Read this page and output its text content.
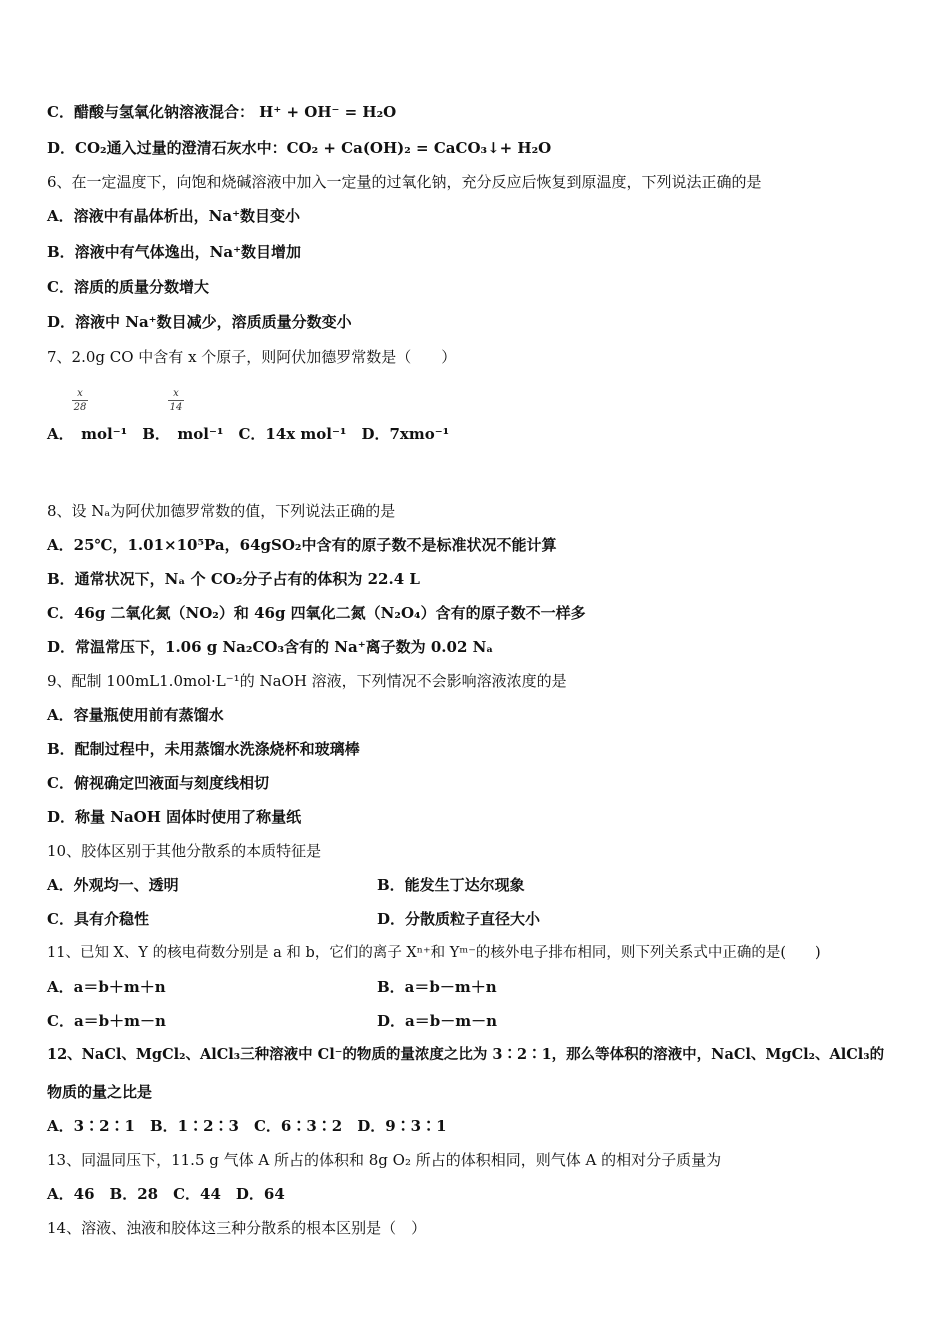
C．醋酸与氢氧化钠溶液混合： H⁺ + OH⁻ = H₂O
D．CO₂通入过量的澄清石灰水中：CO₂ + Ca(OH)₂ = CaCO₃↓+ H₂O
6、在一定温度下，向饱和烧碱溶液中加入一定量的过氧化钠，充分反应后恢复到原温度，下列说法正确的是
A．溶液中有晶体析出，Na⁺数目变小
B．溶液中有气体逸出，Na⁺数目增加
C．溶质的质量分数增大
D．溶液中 Na⁺数目减少，溶质质量分数变小
7、2.0g CO 中含有 x 个原子，则阿伏加德罗常数是（　　）
x
28
x
14
A．　mol⁻¹　B．　mol⁻¹　C．14x mol⁻¹　D．7xmo⁻¹
8、设 Nₐ为阿伏加德罗常数的值，下列说法正确的是
A．25℃，1.01×10⁵Pa，64gSO₂中含有的原子数不是标准状况不能计算
B．通常状况下，Nₐ 个 CO₂分子占有的体积为 22.4 L
C．46g 二氧化氮（NO₂）和 46g 四氧化二氮（N₂O₄）含有的原子数不一样多
D．常温常压下，1.06 g Na₂CO₃含有的 Na⁺离子数为 0.02 Nₐ
9、配制 100mL1.0mol·L⁻¹的 NaOH 溶液，下列情况不会影响溶液浓度的是
A．容量瓶使用前有蒸馏水
B．配制过程中，未用蒸馏水洗涤烧杯和玻璃棒
C．俯视确定凹液面与刻度线相切
D．称量 NaOH 固体时使用了称量纸
10、胶体区别于其他分散系的本质特征是
A．外观均一、透明	B．能发生丁达尔现象
C．具有介稳性	D．分散质粒子直径大小
11、已知 X、Y 的核电荷数分别是 a 和 b，它们的离子 Xⁿ⁺和 Yᵐ⁻的核外电子排布相同，则下列关系式中正确的是(　　)
A．a＝b＋m＋n	B．a＝b－m＋n
C．a＝b＋m－n	D．a＝b－m－n
12、NaCl、MgCl₂、AlCl₃三种溶液中 Cl⁻的物质的量浓度之比为 3∶2∶1，那么等体积的溶液中，NaCl、MgCl₂、AlCl₃的
物质的量之比是
A．3∶2∶1　B．1∶2∶3　C．6∶3∶2　D．9∶3∶1
13、同温同压下，11.5 g 气体 A 所占的体积和 8g O₂ 所占的体积相同，则气体 A 的相对分子质量为
A．46　B．28　C．44　D．64
14、溶液、浊液和胶体这三种分散系的根本区别是（　）
